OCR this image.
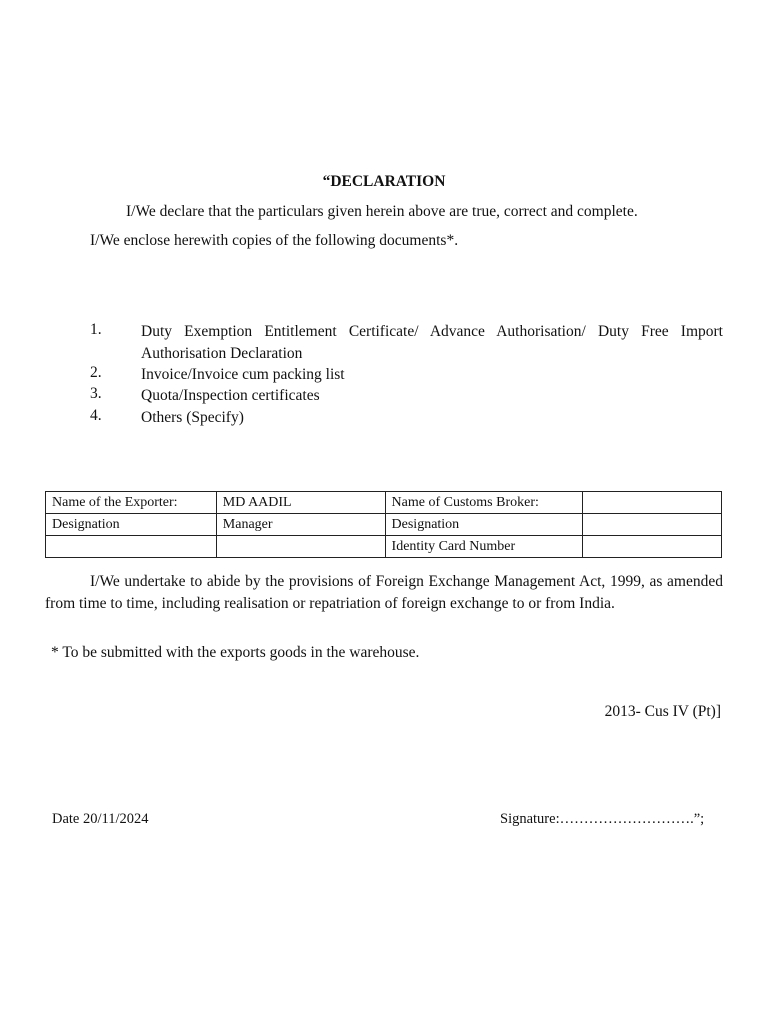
“DECLARATION
I/We declare that the particulars given herein above are true, correct and complete.
I/We enclose herewith copies of the following documents*.
1.	Duty Exemption Entitlement Certificate/ Advance Authorisation/ Duty Free Import Authorisation Declaration
2.	Invoice/Invoice cum packing list
3.	Quota/Inspection certificates
4.	Others (Specify)
Name of the Exporter:	MD AADIL	Name of Customs Broker:	
Designation	Manager	Designation	
		Identity Card Number	
I/We undertake to abide by the provisions of Foreign Exchange Management Act, 1999, as amended from time to time, including realisation or repatriation of foreign exchange to or from India.
* To be submitted with the exports goods in the warehouse.
2013- Cus IV (Pt)]
Date 20/11/2024	Signature:……………………….”;
